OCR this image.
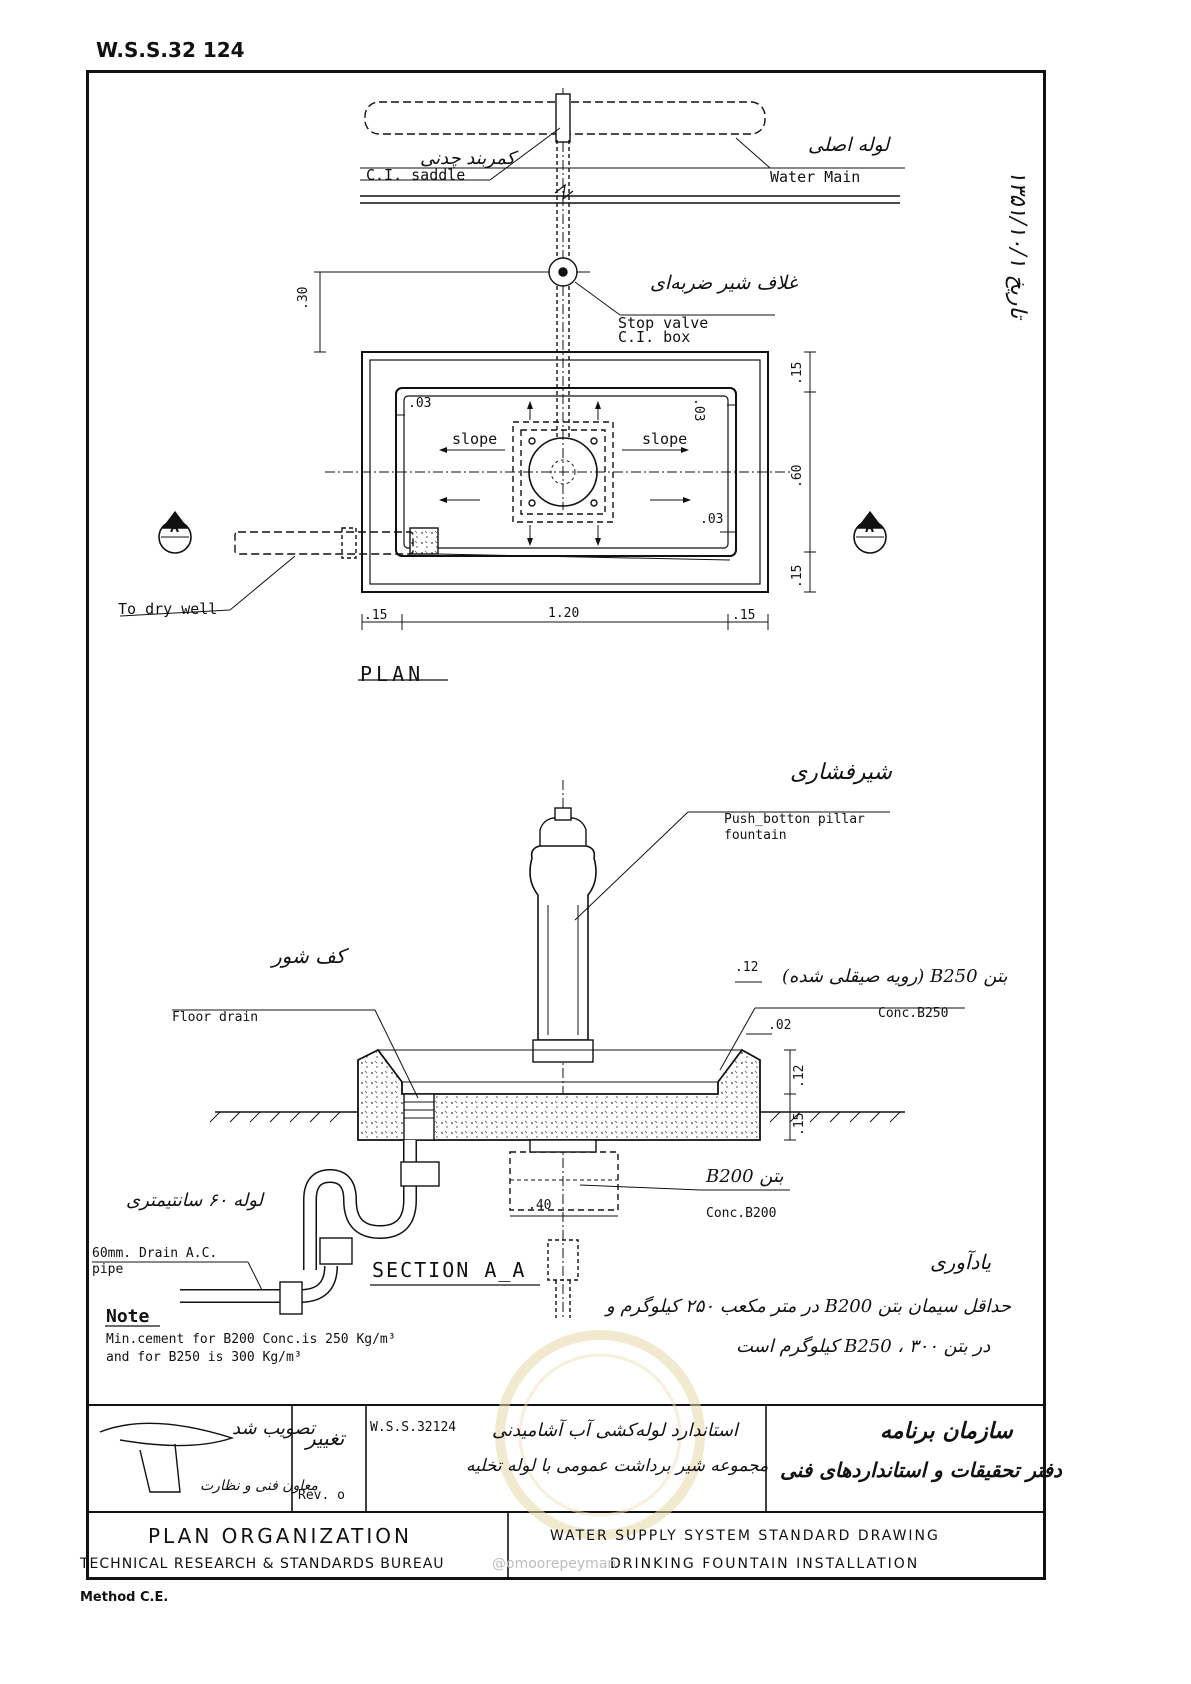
W.S.S.32 124
تاریخ ۱۳۵۱/۱۰/۱
لوله اصلی
Water Main
کمربند چدنی
C.I. saddle
غلاف شیر ضربه‌ای
Stop valve
C.I. box
slope	slope
To dry well
A	A
.30
.03	.03
.03
.15
.60
.15
.15	1.20	.15
PLAN
شیرفشاری
Push_botton pillar
fountain
کف شور
Floor drain
بتن B250 (رویه صیقلی شده)
Conc.B250
بتن B200
Conc.B200
لوله ۶۰ سانتیمتری
60mm. Drain A.C.
pipe
.12
.02
.12
.15
.40
SECTION A_A
Note
Min.cement for B200 Conc.is 250 Kg/m³
and for B250 is 300 Kg/m³
یادآوری
حداقل سیمان بتن B200 در متر مکعب ۲۵۰ کیلوگرم و
در بتن B250 ، ۳۰۰ کیلوگرم است
تصویب شد
معاون فنی و نظارت
تغییر
Rev. o
W.S.S.32124 استاندارد لوله‌کشی آب آشامیدنی
مجموعه شیر برداشت عمومی با لوله تخلیه
سازمان برنامه
دفتر تحقیقات و استانداردهای فنی
PLAN ORGANIZATION
TECHNICAL RESEARCH & STANDARDS BUREAU
WATER SUPPLY SYSTEM STANDARD DRAWING
DRINKING FOUNTAIN INSTALLATION
@omoorepeyman
Method C.E.
